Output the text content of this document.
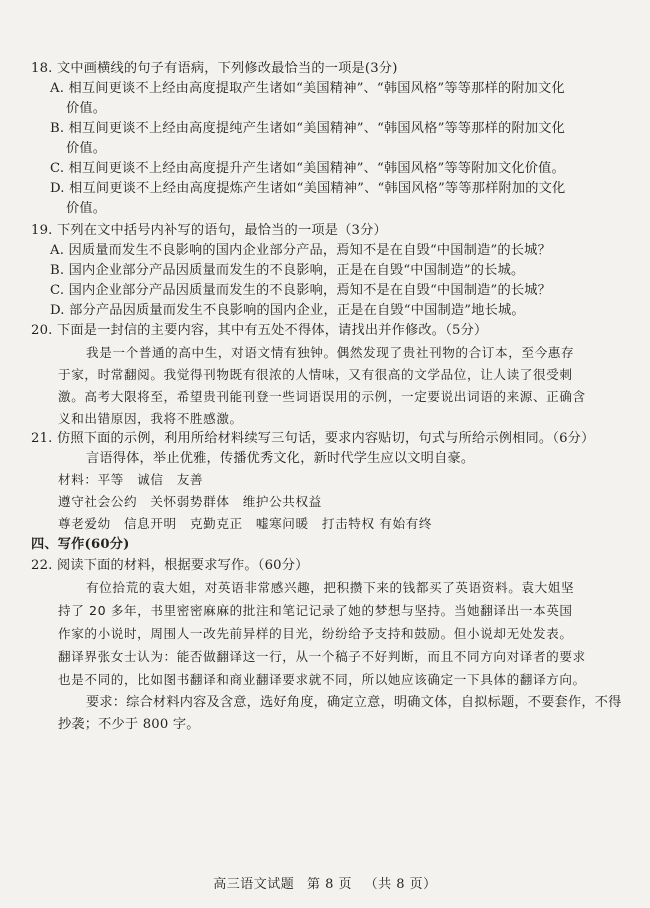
18. 文中画横线的句子有语病，下列修改最恰当的一项是(3分)
A. 相互间更谈不上经由高度提取产生诸如“美国精神”、“韩国风格”等等那样的附加文化
价值。
B. 相互间更谈不上经由高度提纯产生诸如“美国精神”、“韩国风格”等等那样的附加文化
价值。
C. 相互间更谈不上经由高度提升产生诸如“美国精神”、“韩国风格”等等附加文化价值。
D. 相互间更谈不上经由高度提炼产生诸如“美国精神”、“韩国风格”等等那样附加的文化
价值。
19. 下列在文中括号内补写的语句，最恰当的一项是（3分）
A. 因质量而发生不良影响的国内企业部分产品，焉知不是在自毁“中国制造”的长城？
B. 国内企业部分产品因质量而发生的不良影响，正是在自毁“中国制造”的长城。
C. 国内企业部分产品因质量而发生的不良影响，焉知不是在自毁“中国制造”的长城？
D. 部分产品因质量而发生不良影响的国内企业，正是在自毁“中国制造”地长城。
20. 下面是一封信的主要内容，其中有五处不得体，请找出并作修改。（5分）
我是一个普通的高中生，对语文情有独钟。偶然发现了贵社刊物的合订本，至今惠存
于家，时常翻阅。我觉得刊物既有很浓的人情味，又有很高的文学品位，让人读了很受刺
激。高考大限将至，希望贵刊能刊登一些词语误用的示例，一定要说出词语的来源、正确含
义和出错原因，我将不胜感激。
21. 仿照下面的示例，利用所给材料续写三句话，要求内容贴切，句式与所给示例相同。（6分）
言语得体，举止优雅，传播优秀文化，新时代学生应以文明自豪。
材料：平等　诚信　友善
遵守社会公约　关怀弱势群体　维护公共权益
尊老爱幼　信息开明　克勤克正　嘘寒问暖　打击特权 有始有终
四、写作(60分)
22. 阅读下面的材料，根据要求写作。（60分）
有位拾荒的袁大姐，对英语非常感兴趣，把积攒下来的钱都买了英语资料。袁大姐坚
持了 20 多年，书里密密麻麻的批注和笔记记录了她的梦想与坚持。当她翻译出一本英国
作家的小说时，周围人一改先前异样的目光，纷纷给予支持和鼓励。但小说却无处发表。
翻译界张女士认为：能否做翻译这一行，从一个稿子不好判断，而且不同方向对译者的要求
也是不同的，比如图书翻译和商业翻译要求就不同，所以她应该确定一下具体的翻译方向。
要求：综合材料内容及含意，选好角度，确定立意，明确文体，自拟标题，不要套作，不得
抄袭；不少于 800 字。
高三语文试题 第 8 页 （共 8 页）
